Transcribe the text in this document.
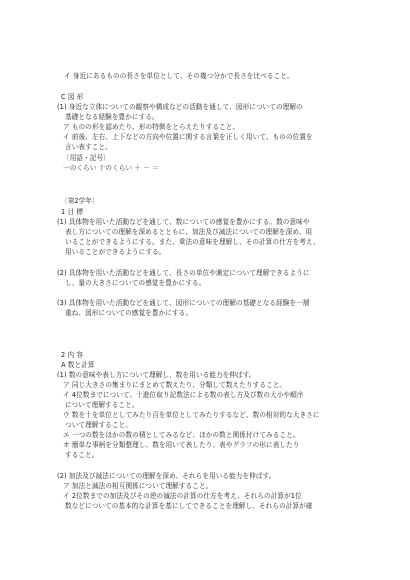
イ 身近にあるものの長さを単位として、その幾つ分かで長さを比べること。
C 図 形
(1) 身近な立体についての観察や構成などの活動を通して、図形についての理解の
基礎となる経験を豊かにする。
ア ものの形を認めたり、形の特徴をとらえたりすること。
イ 前後、左右、上下などの方向や位置に関する言葉を正しく用いて、ものの位置を
言い表すこと。
〔用語・記号〕
一のくらい 十のくらい ＋ － ＝
〔第2学年〕
1 目 標
(1) 具体物を用いた活動などを通して、数についての感覚を豊かにする。数の意味や
表し方についての理解を深めるとともに、加法及び減法についての理解を深め、用
いることができるようにする。また、乗法の意味を理解し、その計算の仕方を考え、
用いることができるようにする。
(2) 具体物を用いた活動などを通して、長さの単位や測定について理解できるように
し、量の大きさについての感覚を豊かにする。
(3) 具体物を用いた活動などを通して、図形についての理解の基礎となる経験を一層
重ね、図形についての感覚を豊かにする。
2 内 容
A 数と計算
(1) 数の意味や表し方について理解し、数を用いる能力を伸ばす。
ア 同じ大きさの集まりにまとめて数えたり、分類して数えたりすること。
イ 4位数までについて、十進位取り記数法による数の表し方及び数の大小や順序
について理解すること。
ウ 数を十を単位としてみたり百を単位としてみたりするなど、数の相対的な大きさに
ついて理解すること。
エ 一つの数をほかの数の積としてみるなど、ほかの数と関係付けてみること。
オ 簡単な事柄を分類整理し、数を用いて表したり、表やグラフの形に表したり
すること。
(2) 加法及び減法についての理解を深め、それらを用いる能力を伸ばす。
ア 加法と減法の相互関係について理解すること。
イ 2位数までの加法及びその逆の減法の計算の仕方を考え、それらの計算が1位
数などについての基本的な計算を基にしてできることを理解し、それらの計算が確
